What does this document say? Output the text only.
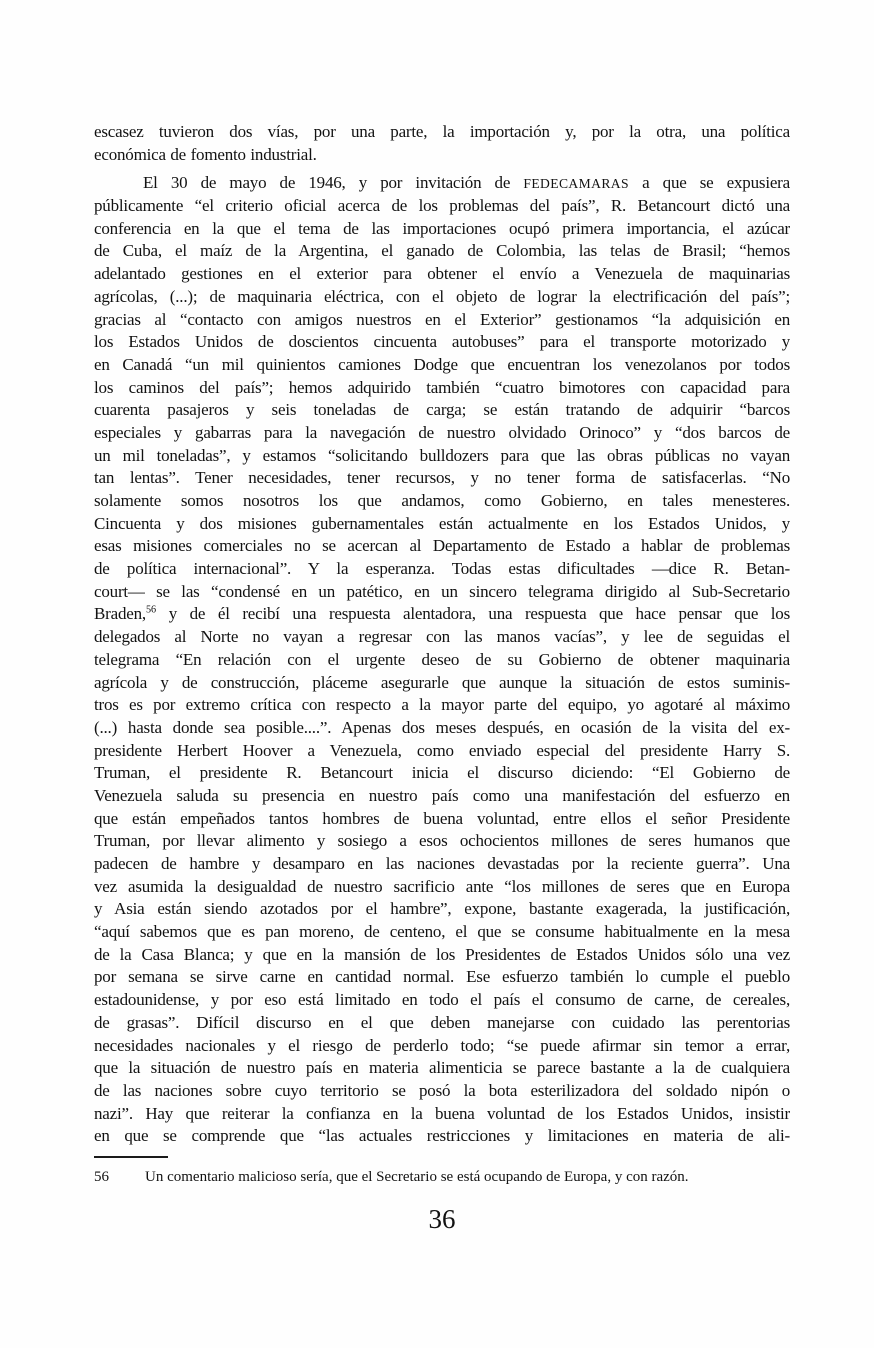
escasez tuvieron dos vías, por una parte, la importación y, por la otra, una política
económica de fomento industrial.
El 30 de mayo de 1946, y por invitación de FEDECAMARAS a que se expusiera
públicamente “el criterio oficial acerca de los problemas del país”, R. Betancourt dictó una
conferencia en la que el tema de las importaciones ocupó primera importancia, el azúcar
de Cuba, el maíz de la Argentina, el ganado de Colombia, las telas de Brasil; “hemos
adelantado gestiones en el exterior para obtener el envío a Venezuela de maquinarias
agrícolas, (...); de maquinaria eléctrica, con el objeto de lograr la electrificación del país”;
gracias al “contacto con amigos nuestros en el Exterior” gestionamos “la adquisición en
los Estados Unidos de doscientos cincuenta autobuses” para el transporte motorizado y
en Canadá “un mil quinientos camiones Dodge que encuentran los venezolanos por todos
los caminos del país”; hemos adquirido también “cuatro bimotores con capacidad para
cuarenta pasajeros y seis toneladas de carga; se están tratando de adquirir “barcos
especiales y gabarras para la navegación de nuestro olvidado Orinoco” y “dos barcos de
un mil toneladas”, y estamos “solicitando bulldozers para que las obras públicas no vayan
tan lentas”. Tener necesidades, tener recursos, y no tener forma de satisfacerlas. “No
solamente somos nosotros los que andamos, como Gobierno, en tales menesteres.
Cincuenta y dos misiones gubernamentales están actualmente en los Estados Unidos, y
esas misiones comerciales no se acercan al Departamento de Estado a hablar de problemas
de política internacional”. Y la esperanza. Todas estas dificultades —dice R. Betan-
court— se las “condensé en un patético, en un sincero telegrama dirigido al Sub-Secretario
Braden,$^{56}$ y de él recibí una respuesta alentadora, una respuesta que hace pensar que los
delegados al Norte no vayan a regresar con las manos vacías”, y lee de seguidas el
telegrama “En relación con el urgente deseo de su Gobierno de obtener maquinaria
agrícola y de construcción, pláceme asegurarle que aunque la situación de estos suminis-
tros es por extremo crítica con respecto a la mayor parte del equipo, yo agotaré al máximo
(...) hasta donde sea posible....”. Apenas dos meses después, en ocasión de la visita del ex-
presidente Herbert Hoover a Venezuela, como enviado especial del presidente Harry S.
Truman, el presidente R. Betancourt inicia el discurso diciendo: “El Gobierno de
Venezuela saluda su presencia en nuestro país como una manifestación del esfuerzo en
que están empeñados tantos hombres de buena voluntad, entre ellos el señor Presidente
Truman, por llevar alimento y sosiego a esos ochocientos millones de seres humanos que
padecen de hambre y desamparo en las naciones devastadas por la reciente guerra”. Una
vez asumida la desigualdad de nuestro sacrificio ante “los millones de seres que en Europa
y Asia están siendo azotados por el hambre”, expone, bastante exagerada, la justificación,
“aquí sabemos que es pan moreno, de centeno, el que se consume habitualmente en la mesa
de la Casa Blanca; y que en la mansión de los Presidentes de Estados Unidos sólo una vez
por semana se sirve carne en cantidad normal. Ese esfuerzo también lo cumple el pueblo
estadounidense, y por eso está limitado en todo el país el consumo de carne, de cereales,
de grasas”. Difícil discurso en el que deben manejarse con cuidado las perentorias
necesidades nacionales y el riesgo de perderlo todo; “se puede afirmar sin temor a errar,
que la situación de nuestro país en materia alimenticia se parece bastante a la de cualquiera
de las naciones sobre cuyo territorio se posó la bota esterilizadora del soldado nipón o
nazi”. Hay que reiterar la confianza en la buena voluntad de los Estados Unidos, insistir
en que se comprende que “las actuales restricciones y limitaciones en materia de ali-
56	Un comentario malicioso sería, que el Secretario se está ocupando de Europa, y con razón.
36
